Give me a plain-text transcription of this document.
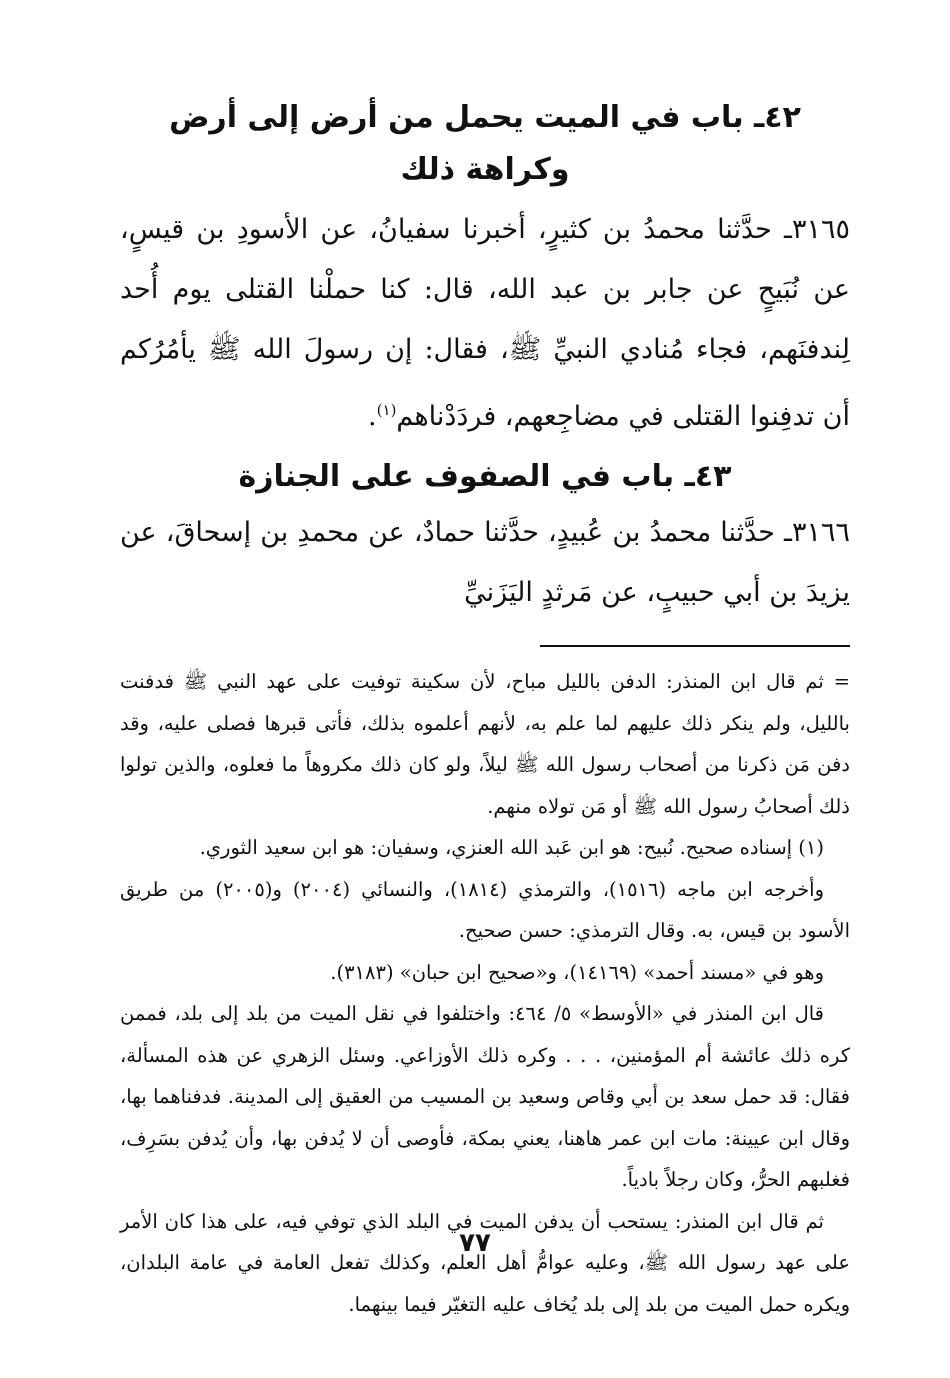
٤٢ـ باب في الميت يحمل من أرض إلى أرض وكراهة ذلك

٣١٦٥ـ حدَّثنا محمدُ بن كثيرٍ، أخبرنا سفيانُ، عن الأسودِ بن قيسٍ، عن نُبَيحٍ عن جابر بن عبد الله، قال: كنا حملْنا القتلى يوم أُحد لِندفنَهم، فجاء مُنادي النبيِّ ﷺ، فقال: إن رسولَ الله ﷺ يأمُرُكم أن تدفِنوا القتلى في مضاجِعهم، فردَدْناهم$^{(١)}$.

٤٣ـ باب في الصفوف على الجنازة

٣١٦٦ـ حدَّثنا محمدُ بن عُبيدٍ، حدَّثنا حمادٌ، عن محمدِ بن إسحاقَ، عن يزيدَ بن أبي حبيبٍ، عن مَرثدٍ اليَزَنيِّ

= ثم قال ابن المنذر: الدفن بالليل مباح، لأن سكينة توفيت على عهد النبي ﷺ فدفنت بالليل، ولم ينكر ذلك عليهم لما علم به، لأنهم أعلموه بذلك، فأتى قبرها فصلى عليه، وقد دفن مَن ذكرنا من أصحاب رسول الله ﷺ ليلاً، ولو كان ذلك مكروهاً ما فعلوه، والذين تولوا ذلك أصحابُ رسول الله ﷺ أو مَن تولاه منهم.

(١) إسناده صحيح. نُبيح: هو ابن عَبد الله العنزي، وسفيان: هو ابن سعيد الثوري.

وأخرجه ابن ماجه (١٥١٦)، والترمذي (١٨١٤)، والنسائي (٢٠٠٤) و(٢٠٠٥) من طريق الأسود بن قيس، به. وقال الترمذي: حسن صحيح.

وهو في «مسند أحمد» (١٤١٦٩)، و«صحيح ابن حبان» (٣١٨٣).

قال ابن المنذر في «الأوسط» ٥/ ٤٦٤: واختلفوا في نقل الميت من بلد إلى بلد، فممن كره ذلك عائشة أم المؤمنين، . . . وكره ذلك الأوزاعي. وسئل الزهري عن هذه المسألة، فقال: قد حمل سعد بن أبي وقاص وسعيد بن المسيب من العقيق إلى المدينة. فدفناهما بها، وقال ابن عيينة: مات ابن عمر هاهنا، يعني بمكة، فأوصى أن لا يُدفن بها، وأن يُدفن بسَرِف، فغلبهم الحرُّ، وكان رجلاً بادياً.

ثم قال ابن المنذر: يستحب أن يدفن الميت في البلد الذي توفي فيه، على هذا كان الأمر على عهد رسول الله ﷺ، وعليه عوامُّ أهل العلم، وكذلك تفعل العامة في عامة البلدان، ويكره حمل الميت من بلد إلى بلد يُخاف عليه التغيّر فيما بينهما.

٧٧
